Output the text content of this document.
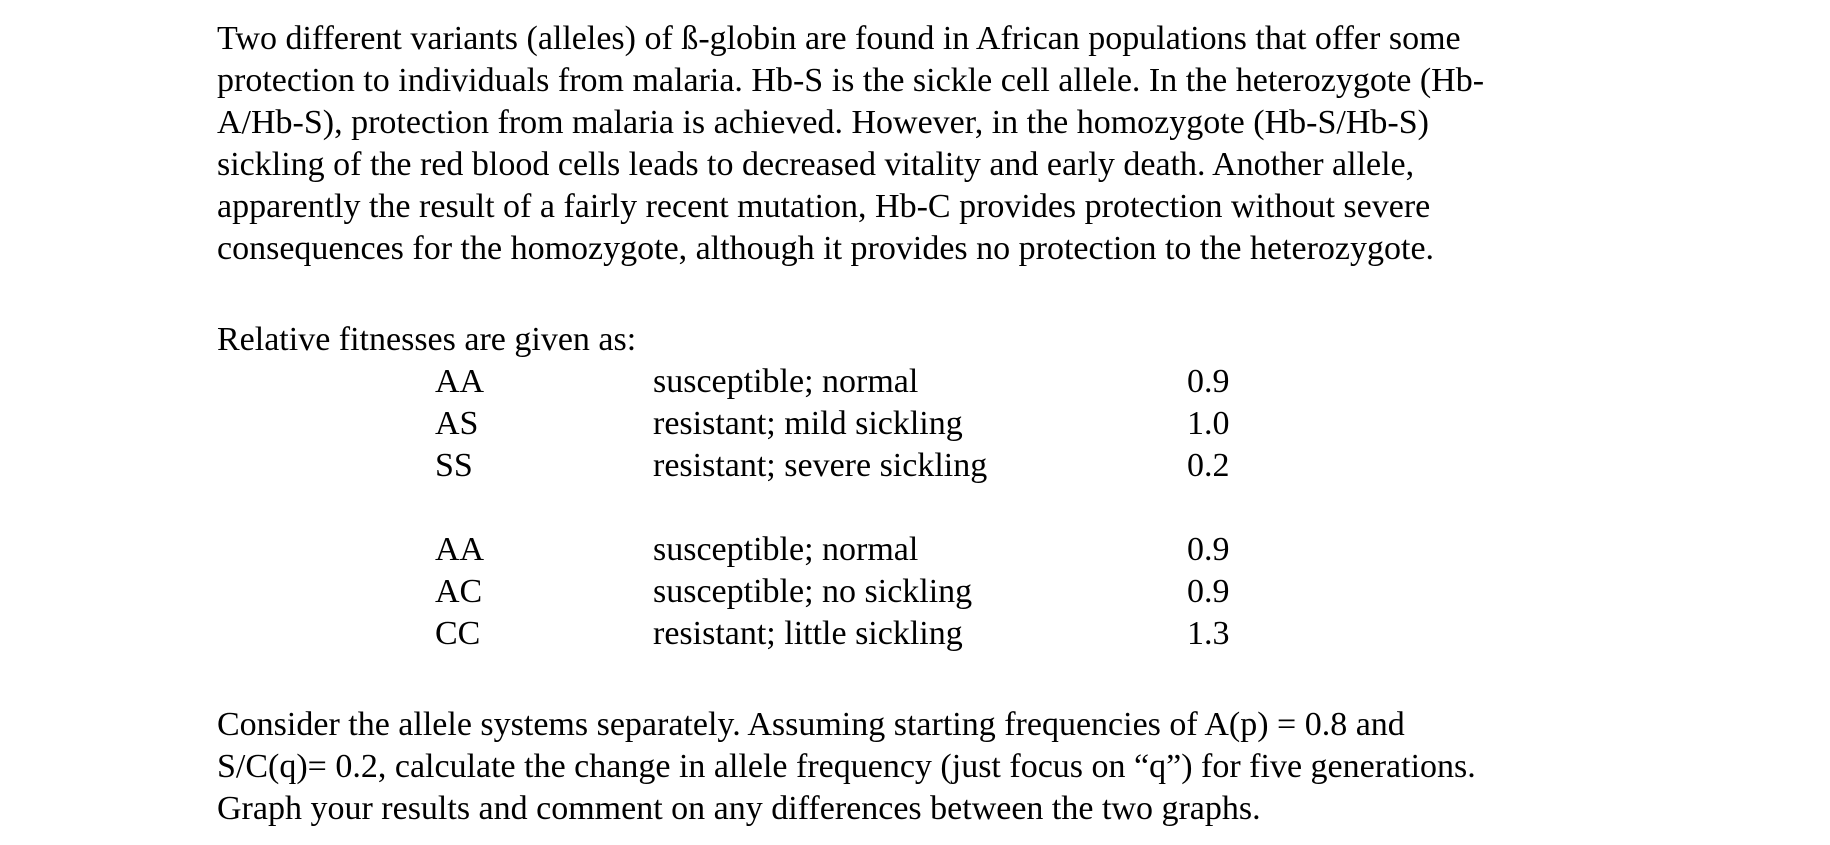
Two different variants (alleles) of ß-globin are found in African populations that offer some
protection to individuals from malaria. Hb-S is the sickle cell allele. In the heterozygote (Hb-
A/Hb-S), protection from malaria is achieved. However, in the homozygote (Hb-S/Hb-S)
sickling of the red blood cells leads to decreased vitality and early death. Another allele,
apparently the result of a fairly recent mutation, Hb-C provides protection without severe
consequences for the homozygote, although it provides no protection to the heterozygote.

Relative fitnesses are given as:

AA	susceptible; normal	0.9
AS	resistant; mild sickling	1.0
SS	resistant; severe sickling	0.2
AA	susceptible; normal	0.9
AC	susceptible; no sickling	0.9
CC	resistant; little sickling	1.3

Consider the allele systems separately. Assuming starting frequencies of A(p) = 0.8 and
S/C(q)= 0.2, calculate the change in allele frequency (just focus on “q”) for five generations.
Graph your results and comment on any differences between the two graphs.
